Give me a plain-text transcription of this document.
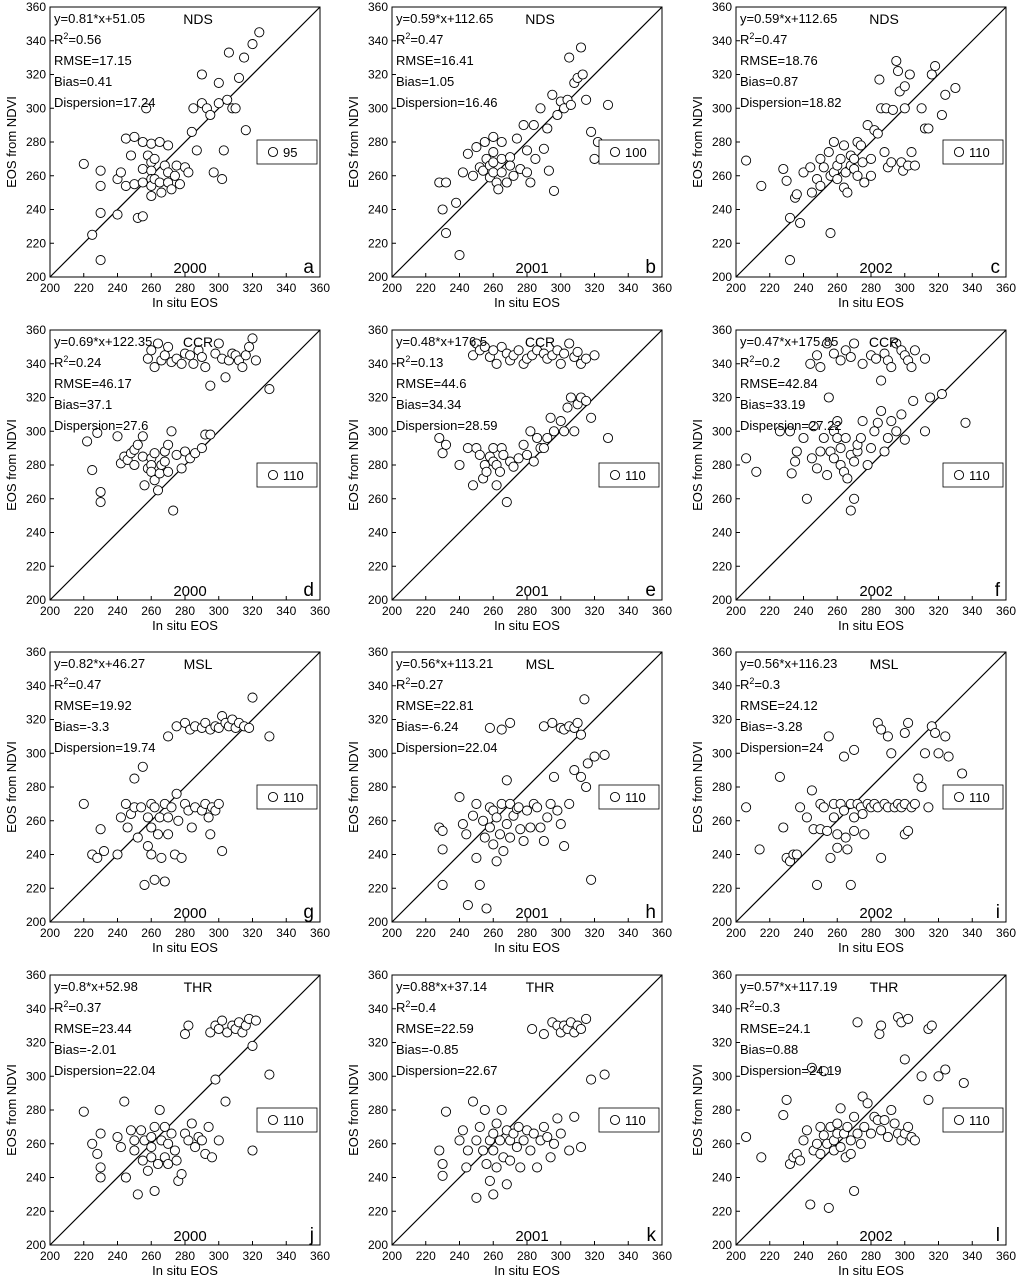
200 220 240 260 280 300 320 340 360
200
220
240
260
280
300
320
340
360
In situ EOS
EOS from NDVI
y=0.81*x+51.05
$R^2=0.56$
RMSE=17.15
Bias=0.41
Dispersion=17.24
NDS
95
2000	a
200 220 240 260 280 300 320 340 360
200
220
240
260
280
300
320
340
360
In situ EOS
EOS from NDVI
y=0.59*x+112.65
$R^2=0.47$
RMSE=16.41
Bias=1.05
Dispersion=16.46
NDS
100
2001	b
200 220 240 260 280 300 320 340 360
200
220
240
260
280
300
320
340
360
In situ EOS
EOS from NDVI
y=0.59*x+112.65
$R^2=0.47$
RMSE=18.76
Bias=0.87
Dispersion=18.82
NDS
110
2002	c
200 220 240 260 280 300 320 340 360
200
220
240
260
280
300
320
340
360
In situ EOS
EOS from NDVI
y=0.69*x+122.35
$R^2=0.24$
RMSE=46.17
Bias=37.1
Dispersion=27.6
CCR
110
2000	d
200 220 240 260 280 300 320 340 360
200
220
240
260
280
300
320
340
360
In situ EOS
EOS from NDVI
y=0.48*x+176.5
$R^2=0.13$
RMSE=44.6
Bias=34.34
Dispersion=28.59
CCR
110
2001	e
200 220 240 260 280 300 320 340 360
200
220
240
260
280
300
320
340
360
In situ EOS
EOS from NDVI
y=0.47*x+175.85
$R^2=0.2$
RMSE=42.84
Bias=33.19
Dispersion=27.22
CCR
110
2002	f
200 220 240 260 280 300 320 340 360
200
220
240
260
280
300
320
340
360
In situ EOS
EOS from NDVI
y=0.82*x+46.27
$R^2=0.47$
RMSE=19.92
Bias=-3.3
Dispersion=19.74
MSL
110
2000	g
200 220 240 260 280 300 320 340 360
200
220
240
260
280
300
320
340
360
In situ EOS
EOS from NDVI
y=0.56*x+113.21
$R^2=0.27$
RMSE=22.81
Bias=-6.24
Dispersion=22.04
MSL
110
2001	h
200 220 240 260 280 300 320 340 360
200
220
240
260
280
300
320
340
360
In situ EOS
EOS from NDVI
y=0.56*x+116.23
$R^2=0.3$
RMSE=24.12
Bias=-3.28
Dispersion=24
MSL
110
2002	i
200 220 240 260 280 300 320 340 360
200
220
240
260
280
300
320
340
360
In situ EOS
EOS from NDVI
y=0.8*x+52.98
$R^2=0.37$
RMSE=23.44
Bias=-2.01
Dispersion=22.04
THR
110
2000	j
200 220 240 260 280 300 320 340 360
200
220
240
260
280
300
320
340
360
In situ EOS
EOS from NDVI
y=0.88*x+37.14
$R^2=0.4$
RMSE=22.59
Bias=-0.85
Dispersion=22.67
THR
110
2001	k
200 220 240 260 280 300 320 340 360
200
220
240
260
280
300
320
340
360
In situ EOS
EOS from NDVI
y=0.57*x+117.19
$R^2=0.3$
RMSE=24.1
Bias=0.88
Dispersion=24.19
THR
110
2002	l
